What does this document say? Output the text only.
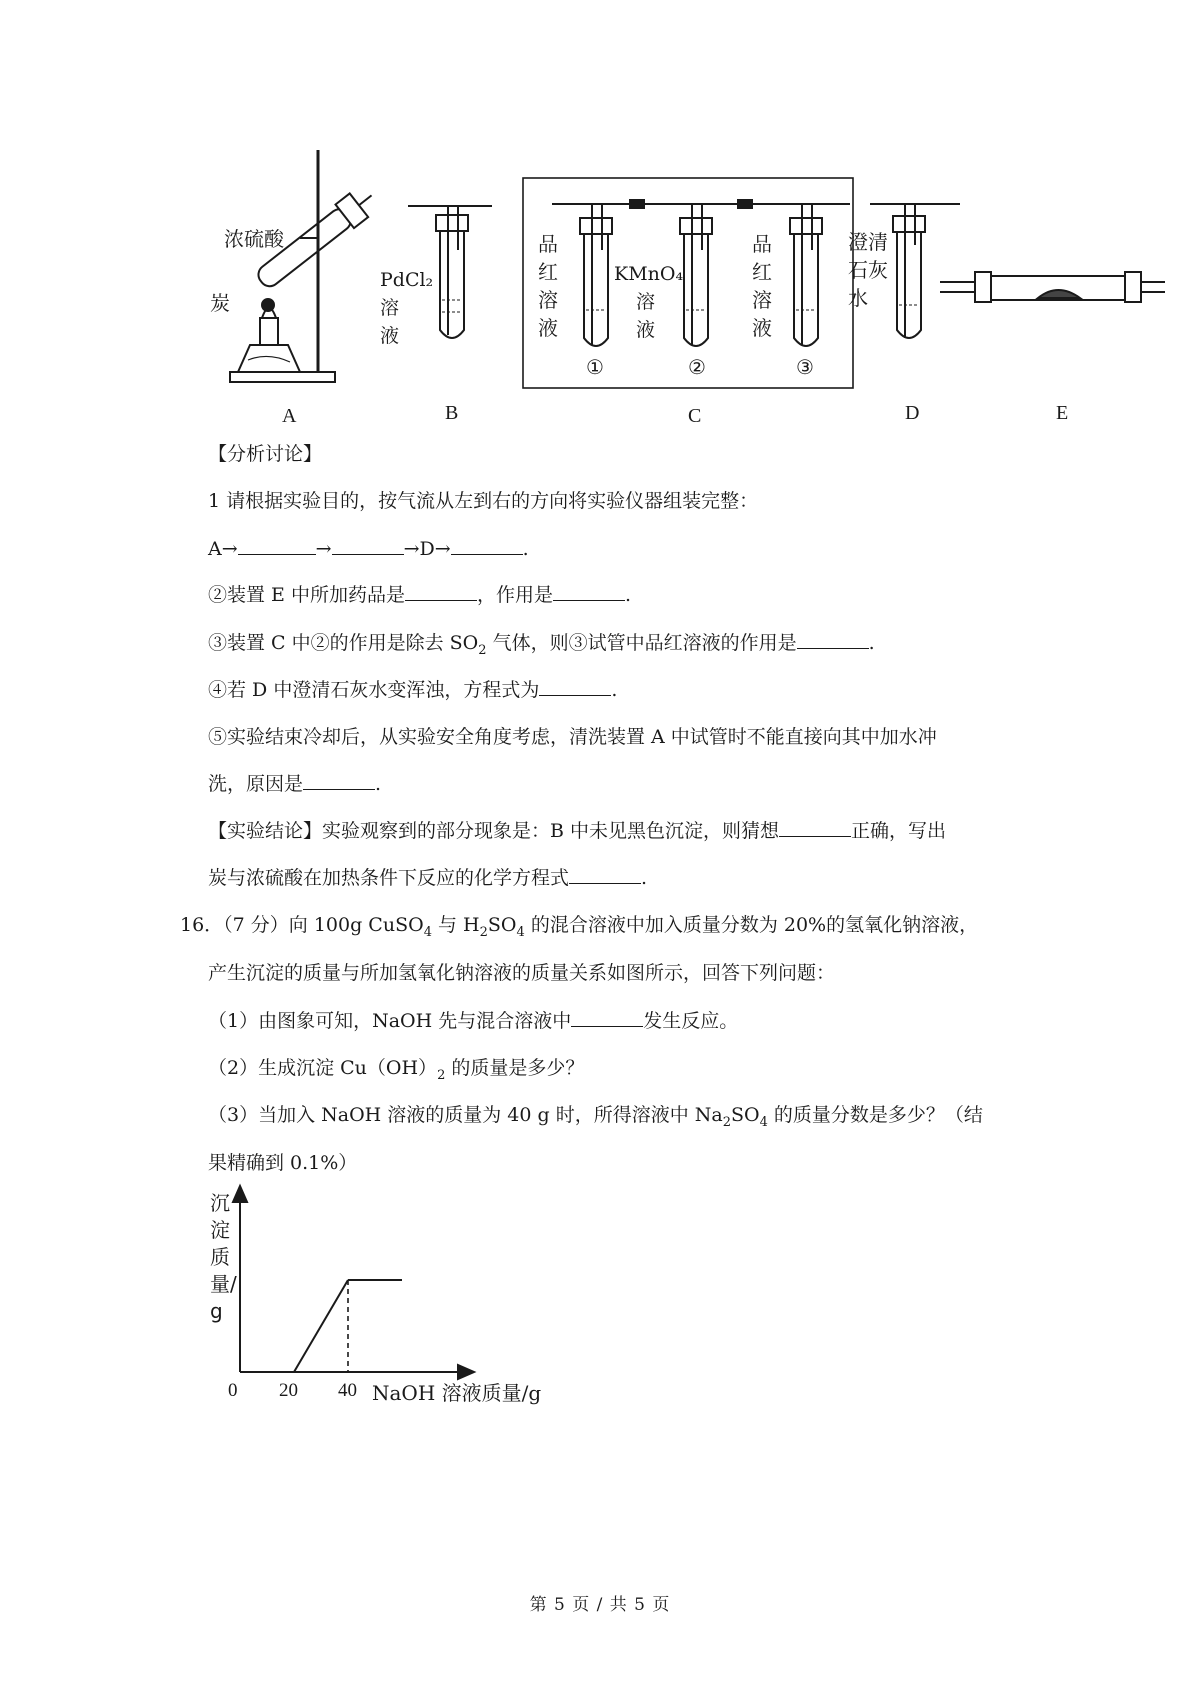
浓硫酸
炭
PdCl₂
溶
液
品
红
溶
液
KMnO₄
溶
液
品
红
溶
液
①	②	③
澄清
石灰
水
A	B	C	D	E
【分析讨论】
1 请根据实验目的，按气流从左到右的方向将实验仪器组装完整：
A→	→	→D→	.
②装置 E 中所加药品是	，作用是	.
③装置 C 中②的作用是除去 $SO_2$ 气体，则③试管中品红溶液的作用是	.
④若 D 中澄清石灰水变浑浊，方程式为	.
⑤实验结束冷却后，从实验安全角度考虑，清洗装置 A 中试管时不能直接向其中加水冲
洗，原因是	.
【实验结论】实验观察到的部分现象是：B 中未见黑色沉淀，则猜想	正确，写出
炭与浓硫酸在加热条件下反应的化学方程式	.
16．（7 分）向 100g CuSO$_4$ 与 $H_2SO_4$ 的混合溶液中加入质量分数为 20%的氢氧化钠溶液，
产生沉淀的质量与所加氢氧化钠溶液的质量关系如图所示，回答下列问题：
（1）由图象可知，NaOH 先与混合溶液中	发生反应。
（2）生成沉淀 $Cu(OH)_2$ 的质量是多少？
（3）当加入 NaOH 溶液的质量为 40 g 时，所得溶液中 $Na_2SO_4$ 的质量分数是多少？（结
果精确到 0.1%）
沉淀质量/g
0 20 40 NaOH 溶液质量/g
第 5 页 / 共 5 页
